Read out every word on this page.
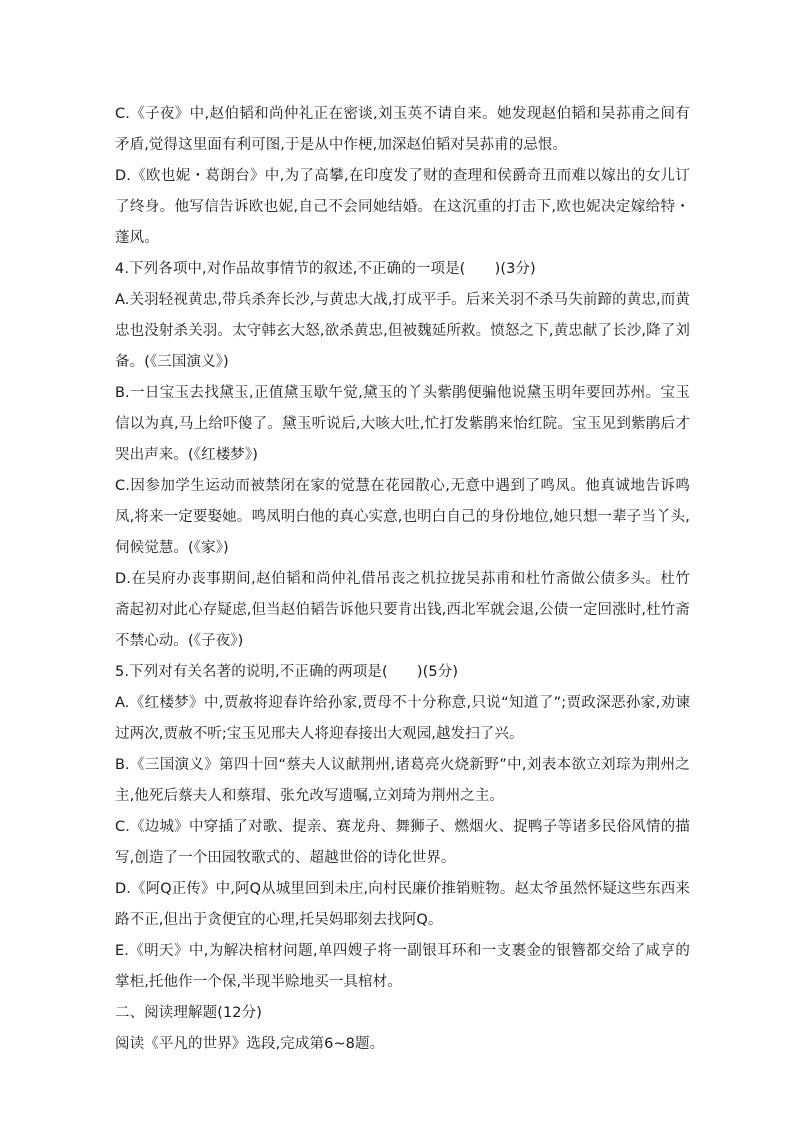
C.《子夜》中,赵伯韬和尚仲礼正在密谈,刘玉英不请自来。她发现赵伯韬和吴荪甫之间有矛盾,觉得这里面有利可图,于是从中作梗,加深赵伯韬对吴荪甫的忌恨。

D.《欧也妮・葛朗台》中,为了高攀,在印度发了财的查理和侯爵奇丑而难以嫁出的女儿订了终身。他写信告诉欧也妮,自己不会同她结婚。在这沉重的打击下,欧也妮决定嫁给特・蓬风。

4.下列各项中,对作品故事情节的叙述,不正确的一项是(　　)(3分)

A.关羽轻视黄忠,带兵杀奔长沙,与黄忠大战,打成平手。后来关羽不杀马失前蹄的黄忠,而黄忠也没射杀关羽。太守韩玄大怒,欲杀黄忠,但被魏延所救。愤怒之下,黄忠献了长沙,降了刘备。(《三国演义》)

B.一日宝玉去找黛玉,正值黛玉歇午觉,黛玉的丫头紫鹃便骗他说黛玉明年要回苏州。宝玉信以为真,马上给吓傻了。黛玉听说后,大咳大吐,忙打发紫鹃来怡红院。宝玉见到紫鹃后才哭出声来。(《红楼梦》)

C.因参加学生运动而被禁闭在家的觉慧在花园散心,无意中遇到了鸣凤。他真诚地告诉鸣凤,将来一定要娶她。鸣凤明白他的真心实意,也明白自己的身份地位,她只想一辈子当丫头,伺候觉慧。(《家》)

D.在吴府办丧事期间,赵伯韬和尚仲礼借吊丧之机拉拢吴荪甫和杜竹斋做公债多头。杜竹斋起初对此心存疑虑,但当赵伯韬告诉他只要肯出钱,西北军就会退,公债一定回涨时,杜竹斋不禁心动。(《子夜》)

5.下列对有关名著的说明,不正确的两项是(　　)(5分)

A.《红楼梦》中,贾赦将迎春许给孙家,贾母不十分称意,只说“知道了”;贾政深恶孙家,劝谏过两次,贾赦不听;宝玉见邢夫人将迎春接出大观园,越发扫了兴。

B.《三国演义》第四十回“蔡夫人议献荆州,诸葛亮火烧新野”中,刘表本欲立刘琮为荆州之主,他死后蔡夫人和蔡瑁、张允改写遗嘱,立刘琦为荆州之主。

C.《边城》中穿插了对歌、提亲、赛龙舟、舞狮子、燃烟火、捉鸭子等诸多民俗风情的描写,创造了一个田园牧歌式的、超越世俗的诗化世界。

D.《阿Q正传》中,阿Q从城里回到未庄,向村民廉价推销赃物。赵太爷虽然怀疑这些东西来路不正,但出于贪便宜的心理,托吴妈耶刻去找阿Q。

E.《明天》中,为解决棺材问题,单四嫂子将一副银耳环和一支裹金的银簪都交给了咸亨的掌柜,托他作一个保,半现半赊地买一具棺材。

二、阅读理解题(12分)

阅读《平凡的世界》选段,完成第6~8题。
